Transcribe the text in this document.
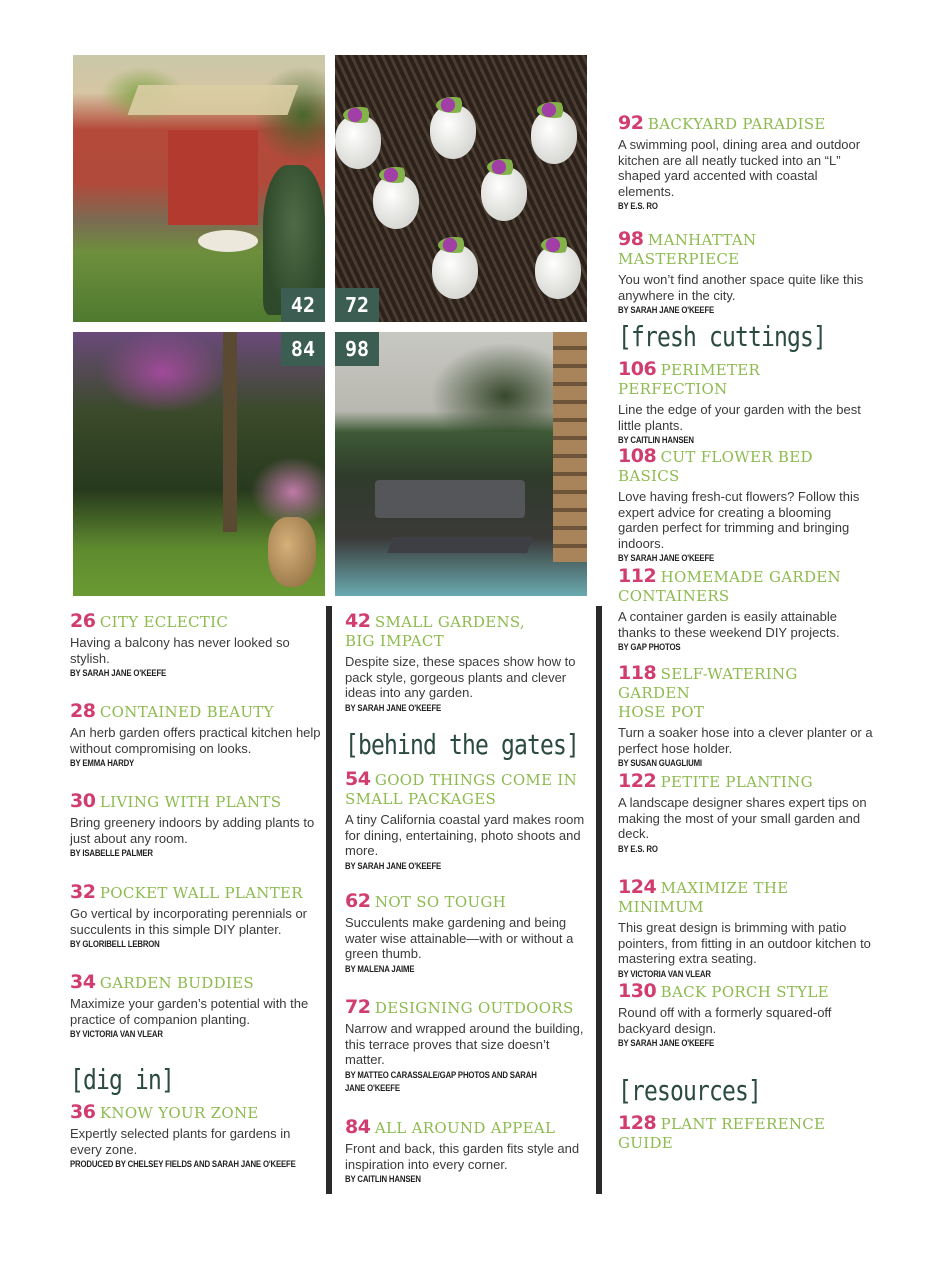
42	72
84	98
26 CITY ECLECTIC
Having a balcony has never looked so stylish.
BY SARAH JANE O'KEEFE
28 CONTAINED BEAUTY
An herb garden offers practical kitchen help without compromising on looks.
BY EMMA HARDY
30 LIVING WITH PLANTS
Bring greenery indoors by adding plants to just about any room.
BY ISABELLE PALMER
32 POCKET WALL PLANTER
Go vertical by incorporating perennials or succulents in this simple DIY planter.
BY GLORIBELL LEBRON
34 GARDEN BUDDIES
Maximize your garden’s potential with the practice of companion planting.
BY VICTORIA VAN VLEAR
[dig in]
36 KNOW YOUR ZONE
Expertly selected plants for gardens in every zone.
PRODUCED BY CHELSEY FIELDS AND SARAH JANE O'KEEFE
42 SMALL GARDENS,
BIG IMPACT
Despite size, these spaces show how to pack style, gorgeous plants and clever ideas into any garden.
BY SARAH JANE O'KEEFE
[behind the gates]
54 GOOD THINGS COME IN
SMALL PACKAGES
A tiny California coastal yard makes room for dining, entertaining, photo shoots and more.
BY SARAH JANE O'KEEFE
62 NOT SO TOUGH
Succulents make gardening and being water wise attainable—with or without a green thumb.
BY MALENA JAIME
72 DESIGNING OUTDOORS
Narrow and wrapped around the building, this terrace proves that size doesn’t matter.
BY MATTEO CARASSALE/GAP PHOTOS AND SARAH
JANE O'KEEFE
84 ALL AROUND APPEAL
Front and back, this garden fits style and inspiration into every corner.
BY CAITLIN HANSEN
92 BACKYARD PARADISE
A swimming pool, dining area and outdoor kitchen are all neatly tucked into an “L” shaped yard accented with coastal elements.
BY E.S. RO
98 MANHATTAN MASTERPIECE
You won’t find another space quite like this anywhere in the city.
BY SARAH JANE O'KEEFE
[fresh cuttings]
106 PERIMETER PERFECTION
Line the edge of your garden with the best little plants.
BY CAITLIN HANSEN
108 CUT FLOWER BED BASICS
Love having fresh-cut flowers? Follow this expert advice for creating a blooming garden perfect for trimming and bringing indoors.
BY SARAH JANE O'KEEFE
112 HOMEMADE GARDEN
CONTAINERS
A container garden is easily attainable thanks to these weekend DIY projects.
BY GAP PHOTOS
118 SELF-WATERING GARDEN
HOSE POT
Turn a soaker hose into a clever planter or a perfect hose holder.
BY SUSAN GUAGLIUMI
122 PETITE PLANTING
A landscape designer shares expert tips on making the most of your small garden and deck.
BY E.S. RO
124 MAXIMIZE THE MINIMUM
This great design is brimming with patio pointers, from fitting in an outdoor kitchen to mastering extra seating.
BY VICTORIA VAN VLEAR
130 BACK PORCH STYLE
Round off with a formerly squared-off backyard design.
BY SARAH JANE O'KEEFE
[resources]
128 PLANT REFERENCE GUIDE
